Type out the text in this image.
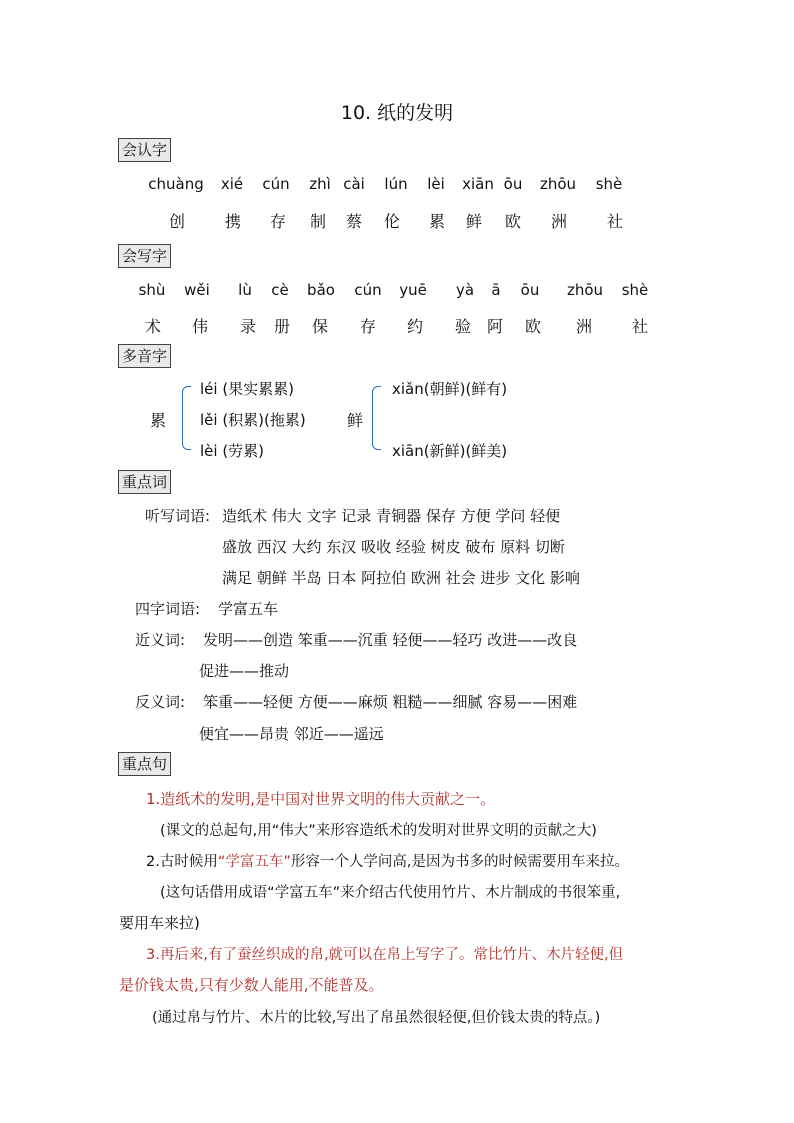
10. 纸的发明
会认字
chuàng xié cún zhì cài lún lèi xiān ōu zhōu shè
创 携 存 制 蔡 伦 累 鲜 欧 洲 社
会写字
shù wěi lù cè bǎo cún yuē yà ā ōu zhōu shè
术 伟 录 册 保 存 约 验 阿 欧 洲 社
多音字
累
léi (果实累累)
lěi (积累)(拖累)
lèi (劳累)
鲜
xiǎn(朝鲜)(鲜有)
xiān(新鲜)(鲜美)
重点词
听写词语: 造纸术 伟大 文字 记录 青铜器 保存 方便 学问 轻便
盛放 西汉 大约 东汉 吸收 经验 树皮 破布 原料 切断
满足 朝鲜 半岛 日本 阿拉伯 欧洲 社会 进步 文化 影响
四字词语: 学富五车
近义词: 发明——创造 笨重——沉重 轻便——轻巧 改进——改良
促进——推动
反义词: 笨重——轻便 方便——麻烦 粗糙——细腻 容易——困难
便宜——昂贵 邻近——遥远
重点句
1.造纸术的发明,是中国对世界文明的伟大贡献之一。
(课文的总起句,用“伟大”来形容造纸术的发明对世界文明的贡献之大)
2.古时候用“学富五车”形容一个人学问高,是因为书多的时候需要用车来拉。
(这句话借用成语“学富五车”来介绍古代使用竹片、木片制成的书很笨重,
要用车来拉)
3.再后来,有了蚕丝织成的帛,就可以在帛上写字了。常比竹片、木片轻便,但
是价钱太贵,只有少数人能用,不能普及。
(通过帛与竹片、木片的比较,写出了帛虽然很轻便,但价钱太贵的特点。)
